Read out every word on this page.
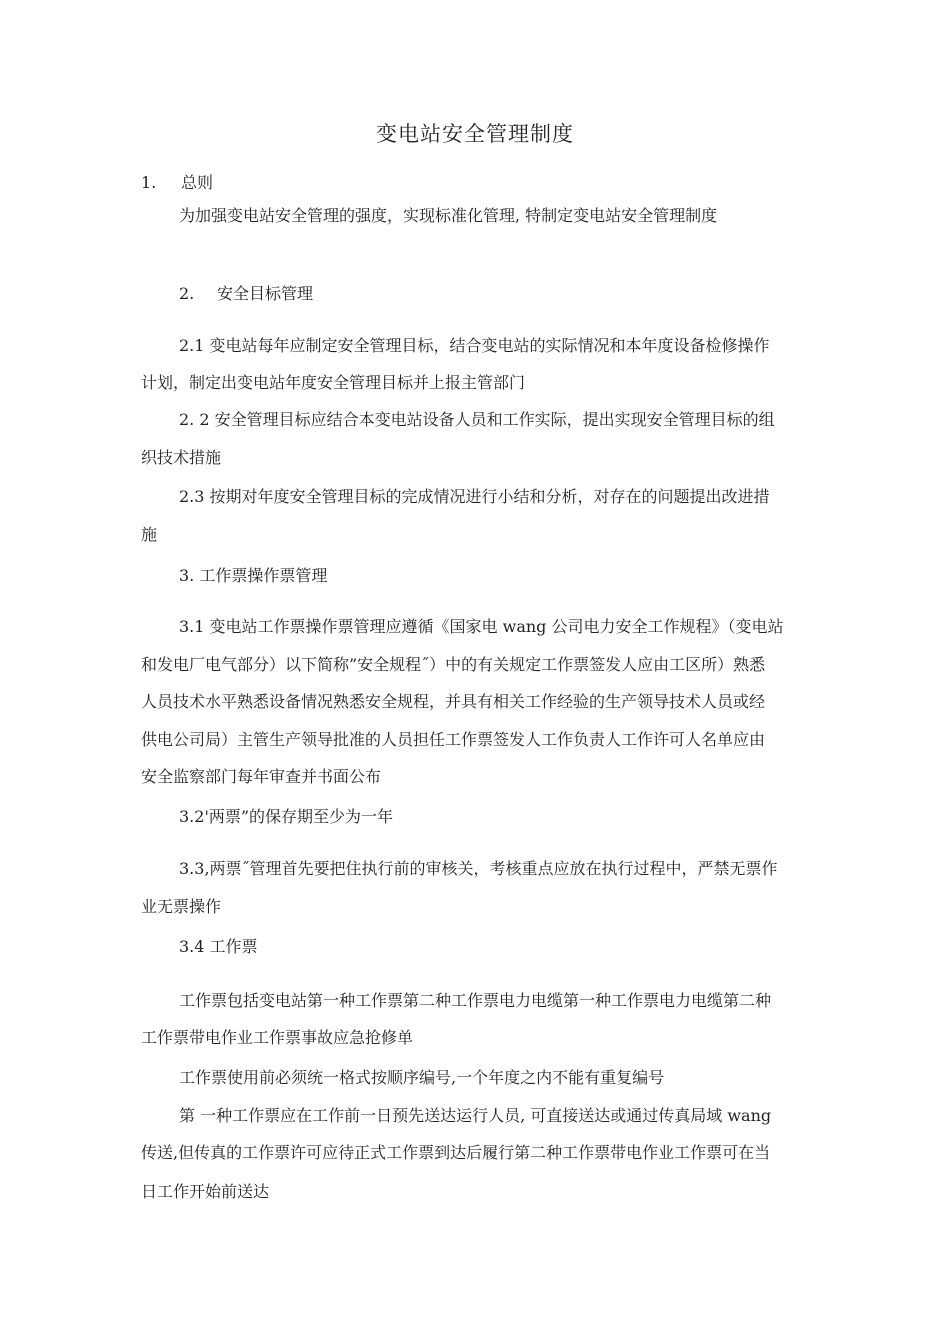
变电站安全管理制度
1. 总则
为加强变电站安全管理的强度，实现标准化管理, 特制定变电站安全管理制度
2. 安全目标管理
2.1 变电站每年应制定安全管理目标，结合变电站的实际情况和本年度设备检修操作
计划，制定出变电站年度安全管理目标并上报主管部门
2. 2 安全管理目标应结合本变电站设备人员和工作实际，提出实现安全管理目标的组
织技术措施
2.3 按期对年度安全管理目标的完成情况进行小结和分析，对存在的问题提出改进措
施
3. 工作票操作票管理
3.1 变电站工作票操作票管理应遵循《国家电 wang 公司电力安全工作规程》（变电站
和发电厂电气部分）以下简称”安全规程˝）中的有关规定工作票签发人应由工区所）熟悉
人员技术水平熟悉设备情况熟悉安全规程，并具有相关工作经验的生产领导技术人员或经
供电公司局）主管生产领导批准的人员担任工作票签发人工作负责人工作许可人名单应由
安全监察部门每年审查并书面公布
3.2'两票”的保存期至少为一年
3.3,两票˝管理首先要把住执行前的审核关，考核重点应放在执行过程中，严禁无票作
业无票操作
3.4 工作票
工作票包括变电站第一种工作票第二种工作票电力电缆第一种工作票电力电缆第二种
工作票带电作业工作票事故应急抢修单
工作票使用前必须统一格式按顺序编号,一个年度之内不能有重复编号
第 一种工作票应在工作前一日预先送达运行人员, 可直接送达或通过传真局域 wang
传送,但传真的工作票许可应待正式工作票到达后履行第二种工作票带电作业工作票可在当
日工作开始前送达
